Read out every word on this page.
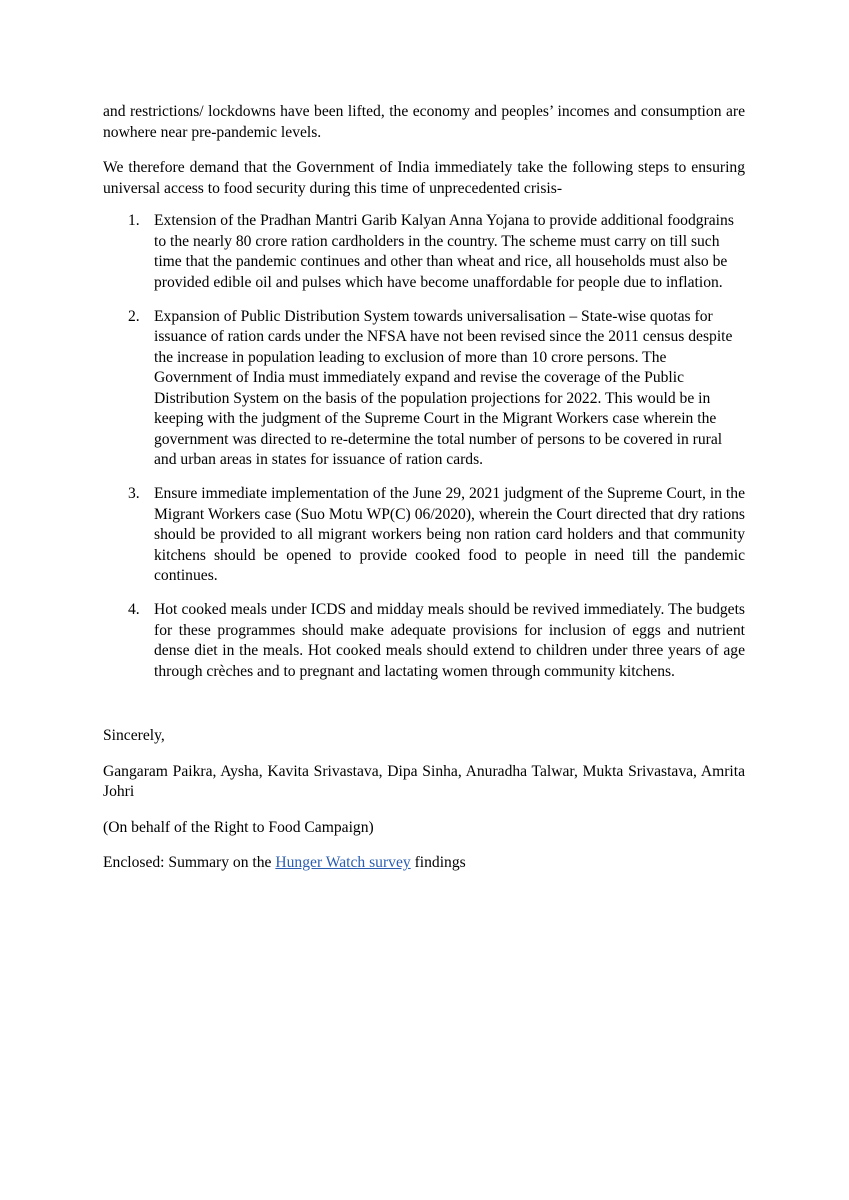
and restrictions/ lockdowns have been lifted, the economy and peoples’ incomes and consumption are nowhere near pre-pandemic levels.

We therefore demand that the Government of India immediately take the following steps to ensuring universal access to food security during this time of unprecedented crisis-

1. Extension of the Pradhan Mantri Garib Kalyan Anna Yojana to provide additional foodgrains to the nearly 80 crore ration cardholders in the country. The scheme must carry on till such time that the pandemic continues and other than wheat and rice, all households must also be provided edible oil and pulses which have become unaffordable for people due to inflation.
2. Expansion of Public Distribution System towards universalisation – State-wise quotas for issuance of ration cards under the NFSA have not been revised since the 2011 census despite the increase in population leading to exclusion of more than 10 crore persons. The Government of India must immediately expand and revise the coverage of the Public Distribution System on the basis of the population projections for 2022. This would be in keeping with the judgment of the Supreme Court in the Migrant Workers case wherein the government was directed to re-determine the total number of persons to be covered in rural and urban areas in states for issuance of ration cards.
3. Ensure immediate implementation of the June 29, 2021 judgment of the Supreme Court, in the Migrant Workers case (Suo Motu WP(C) 06/2020), wherein the Court directed that dry rations should be provided to all migrant workers being non ration card holders and that community kitchens should be opened to provide cooked food to people in need till the pandemic continues.
4. Hot cooked meals under ICDS and midday meals should be revived immediately. The budgets for these programmes should make adequate provisions for inclusion of eggs and nutrient dense diet in the meals. Hot cooked meals should extend to children under three years of age through crèches and to pregnant and lactating women through community kitchens.

Sincerely,

Gangaram Paikra, Aysha, Kavita Srivastava, Dipa Sinha, Anuradha Talwar, Mukta Srivastava, Amrita Johri

(On behalf of the Right to Food Campaign)

Enclosed: Summary on the Hunger Watch survey findings
